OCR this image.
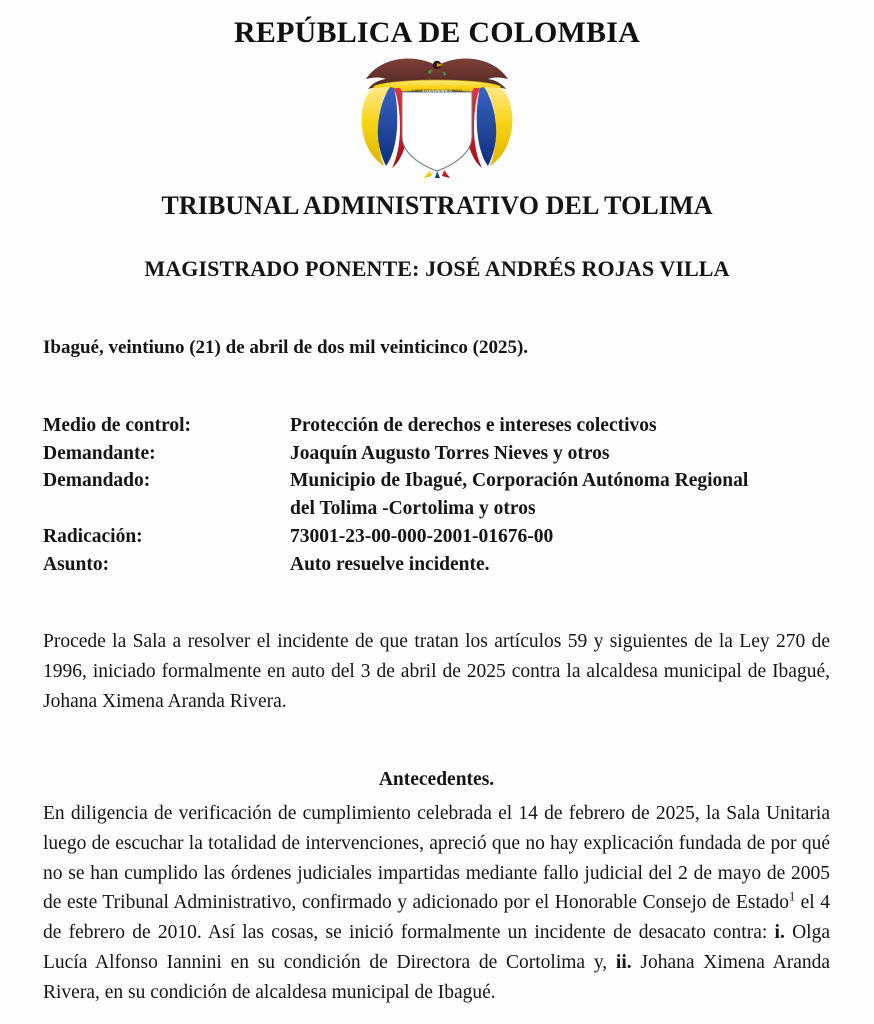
REPÚBLICA DE COLOMBIA
TRIBUNAL ADMINISTRATIVO DEL TOLIMA
MAGISTRADO PONENTE: JOSÉ ANDRÉS ROJAS VILLA

Ibagué, veintiuno (21) de abril de dos mil veinticinco (2025).

Medio de control:	Protección de derechos e intereses colectivos
Demandante:	Joaquín Augusto Torres Nieves y otros
Demandado:	Municipio de Ibagué, Corporación Autónoma Regional
del Tolima -Cortolima y otros
Radicación:	73001-23-00-000-2001-01676-00
Asunto:	Auto resuelve incidente.

Procede la Sala a resolver el incidente de que tratan los artículos 59 y siguientes de la Ley 270 de 1996, iniciado formalmente en auto del 3 de abril de 2025 contra la alcaldesa municipal de Ibagué, Johana Ximena Aranda Rivera.

Antecedentes.

En diligencia de verificación de cumplimiento celebrada el 14 de febrero de 2025, la Sala Unitaria luego de escuchar la totalidad de intervenciones, apreció que no hay explicación fundada de por qué no se han cumplido las órdenes judiciales impartidas mediante fallo judicial del 2 de mayo de 2005 de este Tribunal Administrativo, confirmado y adicionado por el Honorable Consejo de Estado$^1$ el 4 de febrero de 2010. Así las cosas, se inició formalmente un incidente de desacato contra: i. Olga Lucía Alfonso Iannini en su condición de Directora de Cortolima y, ii. Johana Ximena Aranda Rivera, en su condición de alcaldesa municipal de Ibagué.
